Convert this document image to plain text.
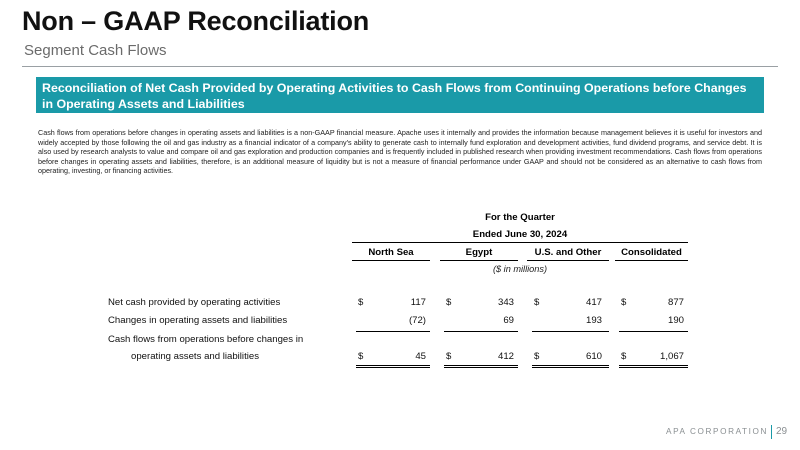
Non – GAAP Reconciliation
Segment Cash Flows
Reconciliation of Net Cash Provided by Operating Activities to Cash Flows from Continuing Operations before Changes in Operating Assets and Liabilities
Cash flows from operations before changes in operating assets and liabilities is a non-GAAP financial measure. Apache uses it internally and provides the information because management believes it is useful for investors and widely accepted by those following the oil and gas industry as a financial indicator of a company's ability to generate cash to internally fund exploration and development activities, fund dividend programs, and service debt. It is also used by research analysts to value and compare oil and gas exploration and production companies and is frequently included in published research when providing investment recommendations. Cash flows from operations before changes in operating assets and liabilities, therefore, is an additional measure of liquidity but is not a measure of financial performance under GAAP and should not be considered as an alternative to cash flows from operating, investing, or financing activities.
For the Quarter
Ended June 30, 2024
North Sea	Egypt	U.S. and Other	Consolidated
($ in millions)
Net cash provided by operating activities	$	117 $	343 $	417 $	877
Changes in operating assets and liabilities	(72)	69	193	190
Cash flows from operations before changes in
operating assets and liabilities	$	45 $	412 $	610 $	1,067
APA CORPORATION 29
